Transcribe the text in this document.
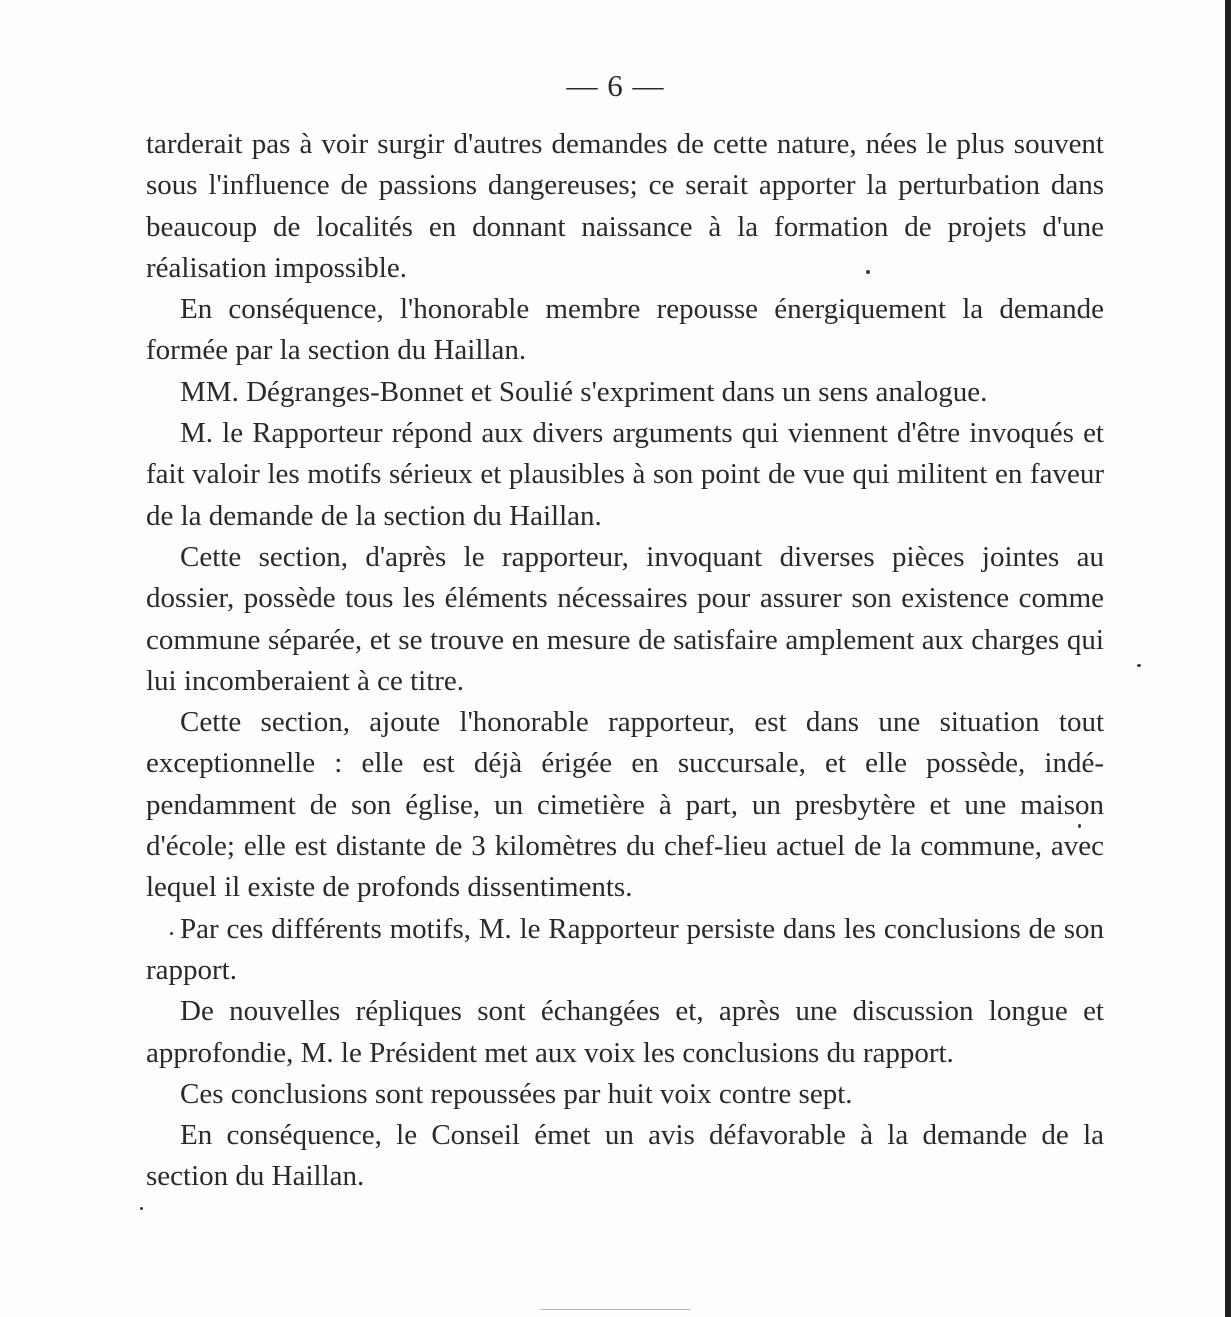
— 6 —

tarderait pas à voir surgir d'autres demandes de cette nature, nées le plus souvent sous l'influence de passions dangereuses; ce serait apporter la perturbation dans beaucoup de localités en donnant naissance à la formation de projets d'une réalisation impossible.

En conséquence, l'honorable membre repousse énergiquement la demande formée par la section du Haillan.

MM. Dégranges-Bonnet et Soulié s'expriment dans un sens analogue.

M. le Rapporteur répond aux divers arguments qui viennent d'être invoqués et fait valoir les motifs sérieux et plausibles à son point de vue qui militent en faveur de la demande de la section du Haillan.

Cette section, d'après le rapporteur, invoquant diverses pièces jointes au dossier, possède tous les éléments nécessaires pour assurer son existence comme commune séparée, et se trouve en mesure de satisfaire amplement aux charges qui lui incomberaient à ce titre.

Cette section, ajoute l'honorable rapporteur, est dans une situation tout exceptionnelle : elle est déjà érigée en succursale, et elle possède, indépendamment de son église, un cimetière à part, un presbytère et une maison d'école; elle est distante de 3 kilomètres du chef-lieu actuel de la commune, avec lequel il existe de profonds dissentiments.

Par ces différents motifs, M. le Rapporteur persiste dans les conclusions de son rapport.

De nouvelles répliques sont échangées et, après une discussion longue et approfondie, M. le Président met aux voix les conclusions du rapport.

Ces conclusions sont repoussées par huit voix contre sept.

En conséquence, le Conseil émet un avis défavorable à la demande de la section du Haillan.
